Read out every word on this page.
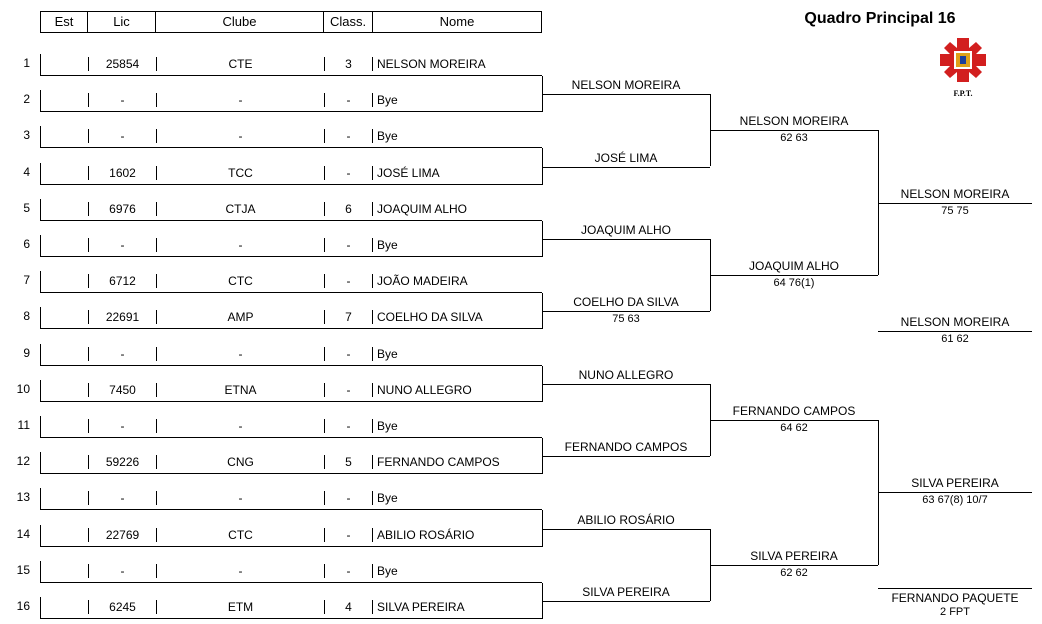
Quadro Principal 16
Est	Lic	Clube	Class.	Nome
F.P.T.
1	25854	CTE	3	NELSON MOREIRA
2	-	-	-	Bye
3	-	-	-	Bye
4	1602	TCC	-	JOSÉ LIMA
5	6976	CTJA	6	JOAQUIM ALHO
6	-	-	-	Bye
7	6712	CTC	-	JOÃO MADEIRA
8	22691	AMP	7	COELHO DA SILVA
9	-	-	-	Bye
10	7450	ETNA	-	NUNO ALLEGRO
11	-	-	-	Bye
12	59226	CNG	5	FERNANDO CAMPOS
13	-	-	-	Bye
14	22769	CTC	-	ABILIO ROSÁRIO
15	-	-	-	Bye
16	6245	ETM	4	SILVA PEREIRA
NELSON MOREIRA
JOSÉ LIMA
JOAQUIM ALHO
COELHO DA SILVA
75 63
NUNO ALLEGRO
FERNANDO CAMPOS
ABILIO ROSÁRIO
SILVA PEREIRA
NELSON MOREIRA
62 63
JOAQUIM ALHO
64 76(1)
FERNANDO CAMPOS
64 62
SILVA PEREIRA
62 62
NELSON MOREIRA
75 75
SILVA PEREIRA
63 67(8) 10/7
NELSON MOREIRA
61 62
FERNANDO PAQUETE
2 FPT
